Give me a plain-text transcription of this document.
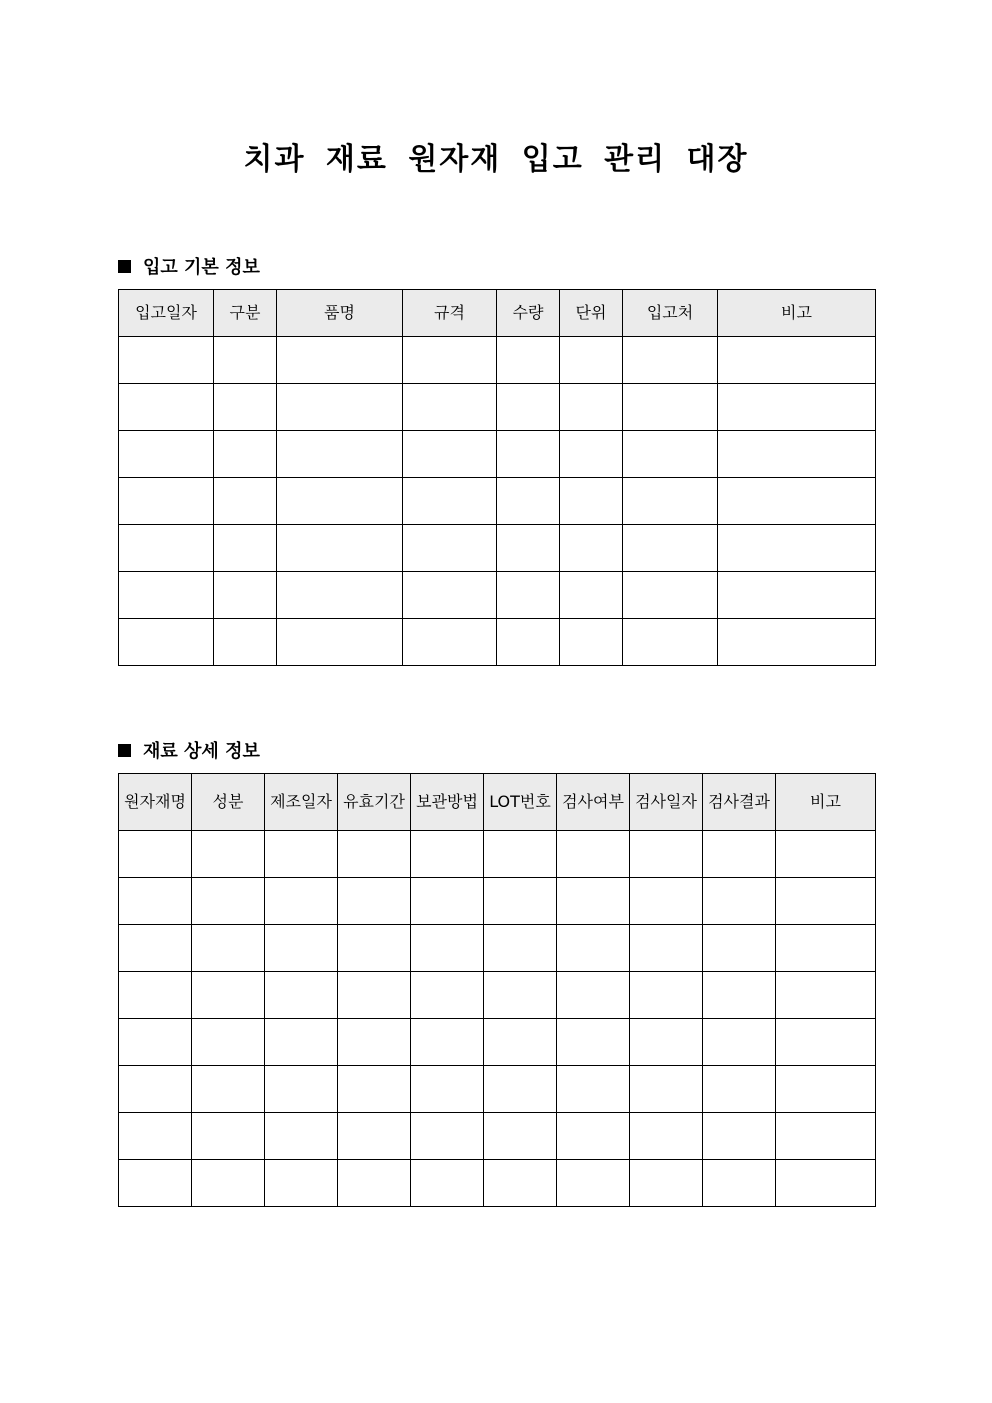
치과 재료 원자재 입고 관리 대장
입고 기본 정보
입고일자	구분	품명	규격	수량	단위	입고처	비고

재료 상세 정보
원자재명	성분	제조일자	유효기간	보관방법	LOT번호	검사여부	검사일자	검사결과	비고
